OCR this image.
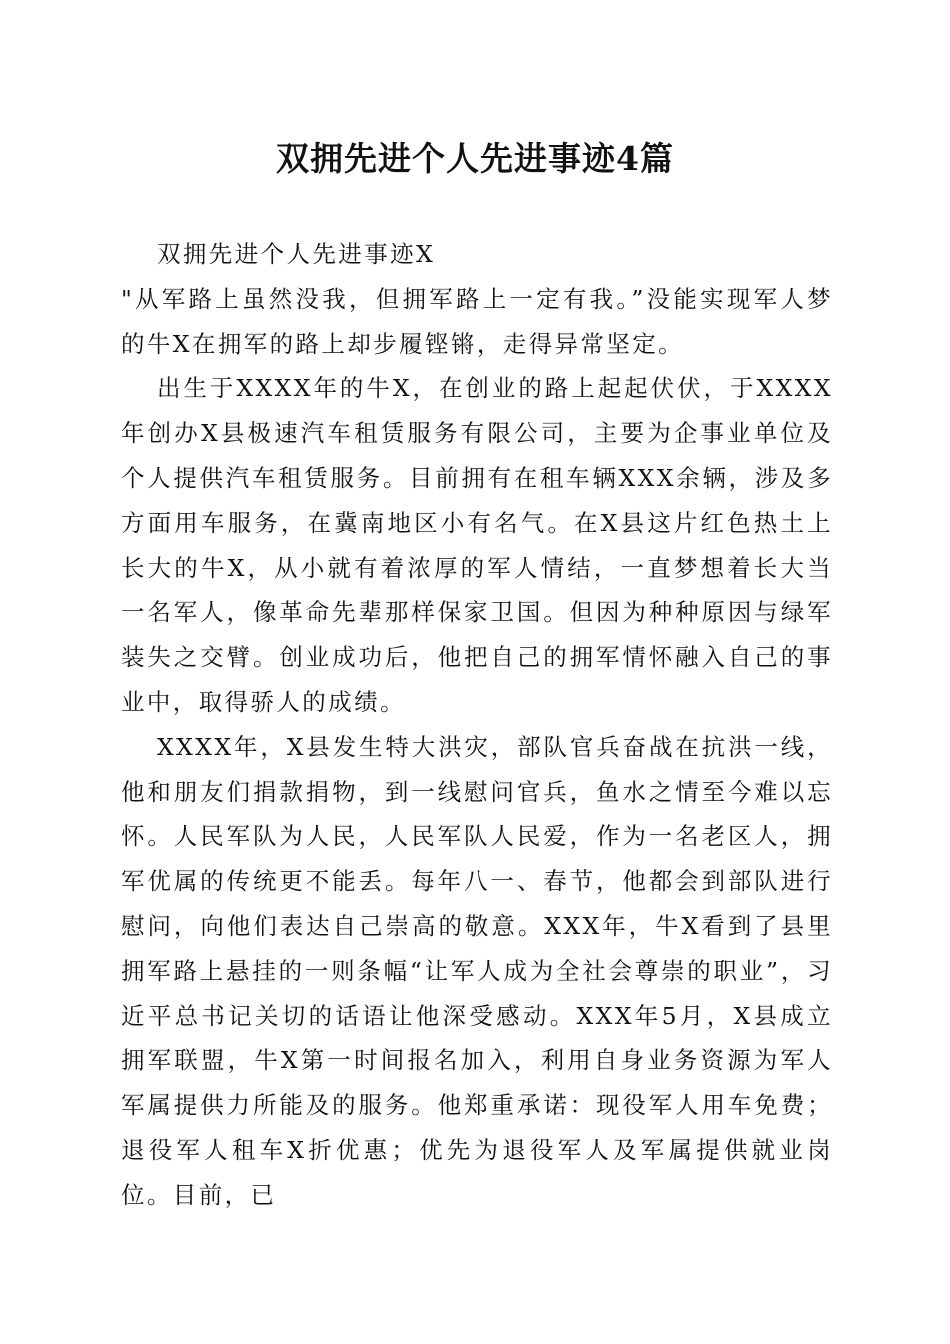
双拥先进个人先进事迹4篇

双拥先进个人先进事迹X

"从军路上虽然没我，但拥军路上一定有我。”没能实现军人梦的牛X在拥军的路上却步履铿锵，走得异常坚定。

出生于XXXX年的牛X，在创业的路上起起伏伏，于XXXX年创办X县极速汽车租赁服务有限公司，主要为企事业单位及个人提供汽车租赁服务。目前拥有在租车辆XXX余辆，涉及多方面用车服务，在冀南地区小有名气。在X县这片红色热土上长大的牛X，从小就有着浓厚的军人情结，一直梦想着长大当一名军人，像革命先辈那样保家卫国。但因为种种原因与绿军装失之交臂。创业成功后，他把自己的拥军情怀融入自己的事业中，取得骄人的成绩。

XXXX年，X县发生特大洪灾，部队官兵奋战在抗洪一线，他和朋友们捐款捐物，到一线慰问官兵，鱼水之情至今难以忘怀。人民军队为人民，人民军队人民爱，作为一名老区人，拥军优属的传统更不能丢。每年八一、春节，他都会到部队进行慰问，向他们表达自己崇高的敬意。XXX年，牛X看到了县里拥军路上悬挂的一则条幅“让军人成为全社会尊崇的职业”，习近平总书记关切的话语让他深受感动。XXX年5月，X县成立拥军联盟，牛X第一时间报名加入，利用自身业务资源为军人军属提供力所能及的服务。他郑重承诺：现役军人用车免费；退役军人租车X折优惠；优先为退役军人及军属提供就业岗位。目前，已
